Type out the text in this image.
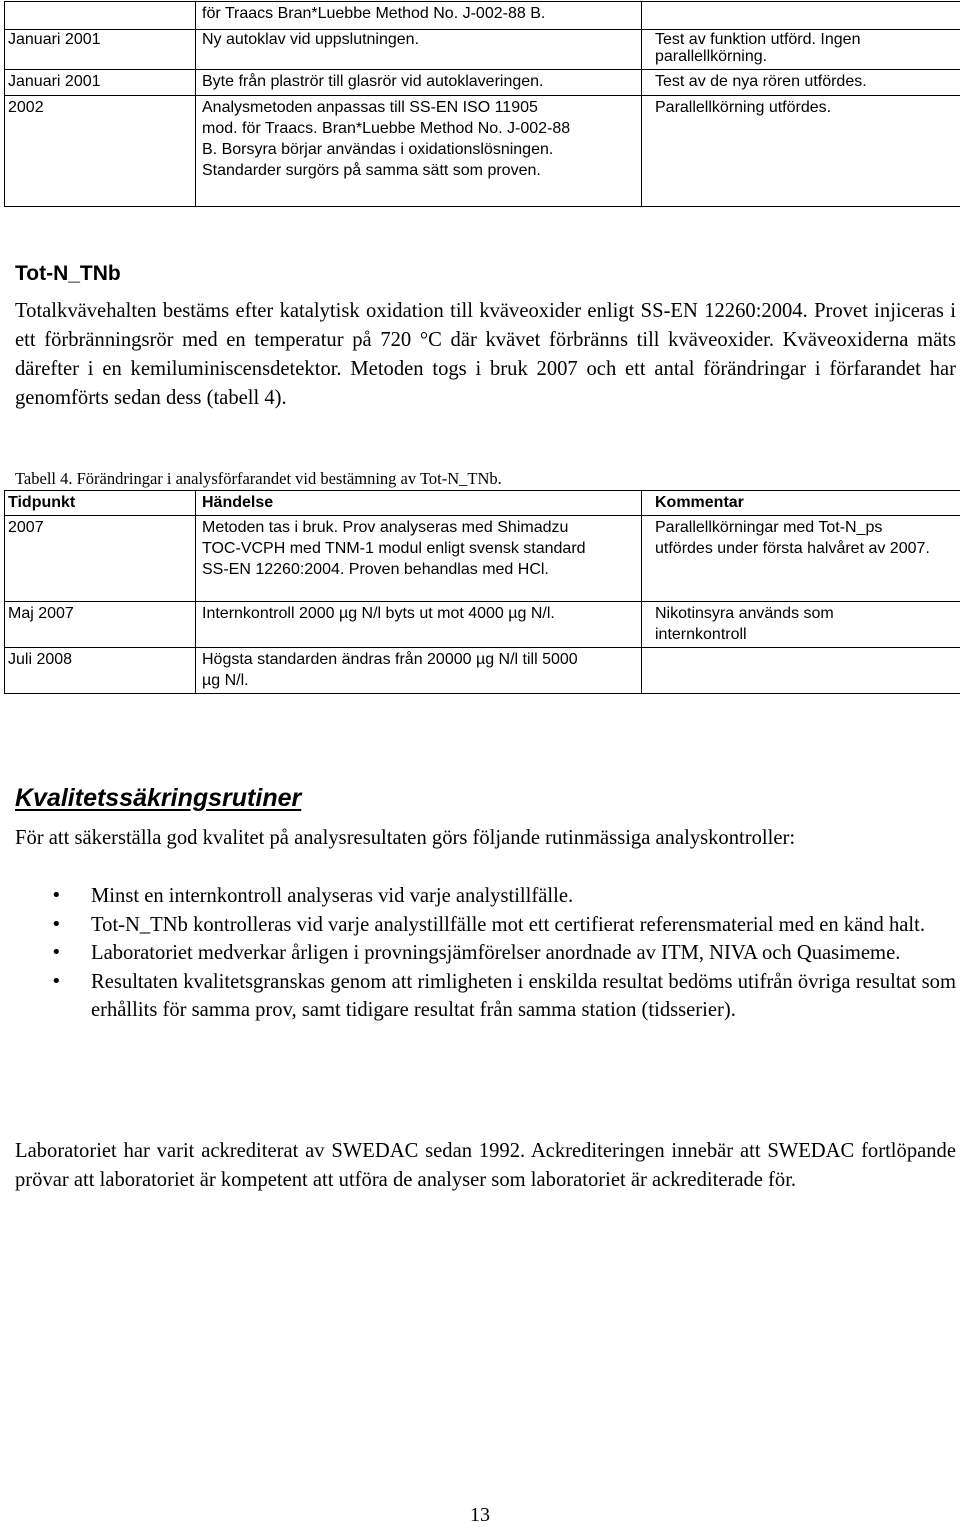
	för Traacs Bran*Luebbe Method No. J-002-88 B.	
Januari 2001	Ny autoklav vid uppslutningen.	Test av funktion utförd. Ingen parallellkörning.
Januari 2001	Byte från plaströr till glasrör vid autoklaveringen.	Test av de nya rören utfördes.
2002	Analysmetoden anpassas till SS-EN ISO 11905 mod. för Traacs. Bran*Luebbe Method No. J-002-88 B. Borsyra börjar användas i oxidationslösningen. Standarder surgörs på samma sätt som proven.	Parallellkörning utfördes.
Tot-N_TNb

Totalkvävehalten bestäms efter katalytisk oxidation till kväveoxider enligt SS-EN 12260:2004. Provet injiceras i ett förbränningsrör med en temperatur på 720 °C där kvävet förbränns till kväveoxider. Kväveoxiderna mäts därefter i en kemiluminiscensdetektor. Metoden togs i bruk 2007 och ett antal förändringar i förfarandet har genomförts sedan dess (tabell 4).

Tabell 4. Förändringar i analysförfarandet vid bestämning av Tot-N_TNb.
Tidpunkt	Händelse	Kommentar
2007	Metoden tas i bruk. Prov analyseras med Shimadzu TOC-VCPH med TNM-1 modul enligt svensk standard SS-EN 12260:2004. Proven behandlas med HCl.	Parallellkörningar med Tot-N_ps utfördes under första halvåret av 2007.
Maj 2007	Internkontroll 2000 µg N/l byts ut mot 4000 µg N/l.	Nikotinsyra används som internkontroll
Juli 2008	Högsta standarden ändras från 20000 µg N/l till 5000 µg N/l.	
Kvalitetssäkringsrutiner

För att säkerställa god kvalitet på analysresultaten görs följande rutinmässiga analyskontroller:

• Minst en internkontroll analyseras vid varje analystillfälle.
• Tot-N_TNb kontrolleras vid varje analystillfälle mot ett certifierat referensmaterial med en känd halt.
• Laboratoriet medverkar årligen i provningsjämförelser anordnade av ITM, NIVA och Quasimeme.
• Resultaten kvalitetsgranskas genom att rimligheten i enskilda resultat bedöms utifrån övriga resultat som erhållits för samma prov, samt tidigare resultat från samma station (tidsserier).

Laboratoriet har varit ackrediterat av SWEDAC sedan 1992. Ackrediteringen innebär att SWEDAC fortlöpande prövar att laboratoriet är kompetent att utföra de analyser som laboratoriet är ackrediterade för.

13
